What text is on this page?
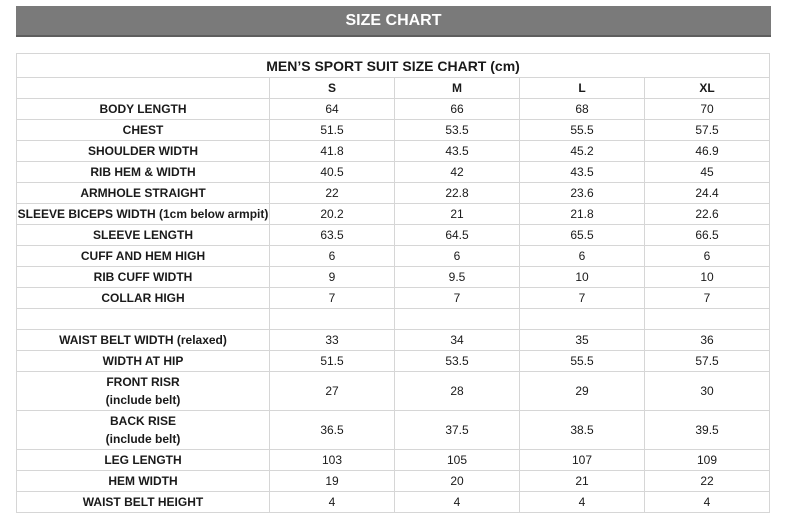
SIZE CHART
MEN’S SPORT SUIT SIZE CHART (cm)				
	S	M	L	XL

BODY LENGTH	64	66	68	70

CHEST	51.5	53.5	55.5	57.5

SHOULDER WIDTH	41.8	43.5	45.2	46.9

RIB HEM & WIDTH	40.5	42	43.5	45

ARMHOLE STRAIGHT	22	22.8	23.6	24.4

SLEEVE BICEPS WIDTH (1cm below armpit)	20.2	21	21.8	22.6

SLEEVE LENGTH	63.5	64.5	65.5	66.5

CUFF AND HEM HIGH	6	6	6	6

RIB CUFF WIDTH	9	9.5	10	10

COLLAR HIGH	7	7	7	7

WAIST BELT WIDTH (relaxed)	33	34	35	36

WIDTH AT HIP	51.5	53.5	55.5	57.5

FRONT RISR
(include belt)	27	28	29	30

BACK RISE
(include belt)	36.5	37.5	38.5	39.5

LEG LENGTH	103	105	107	109

HEM WIDTH	19	20	21	22

WAIST BELT HEIGHT	4	4	4	4
